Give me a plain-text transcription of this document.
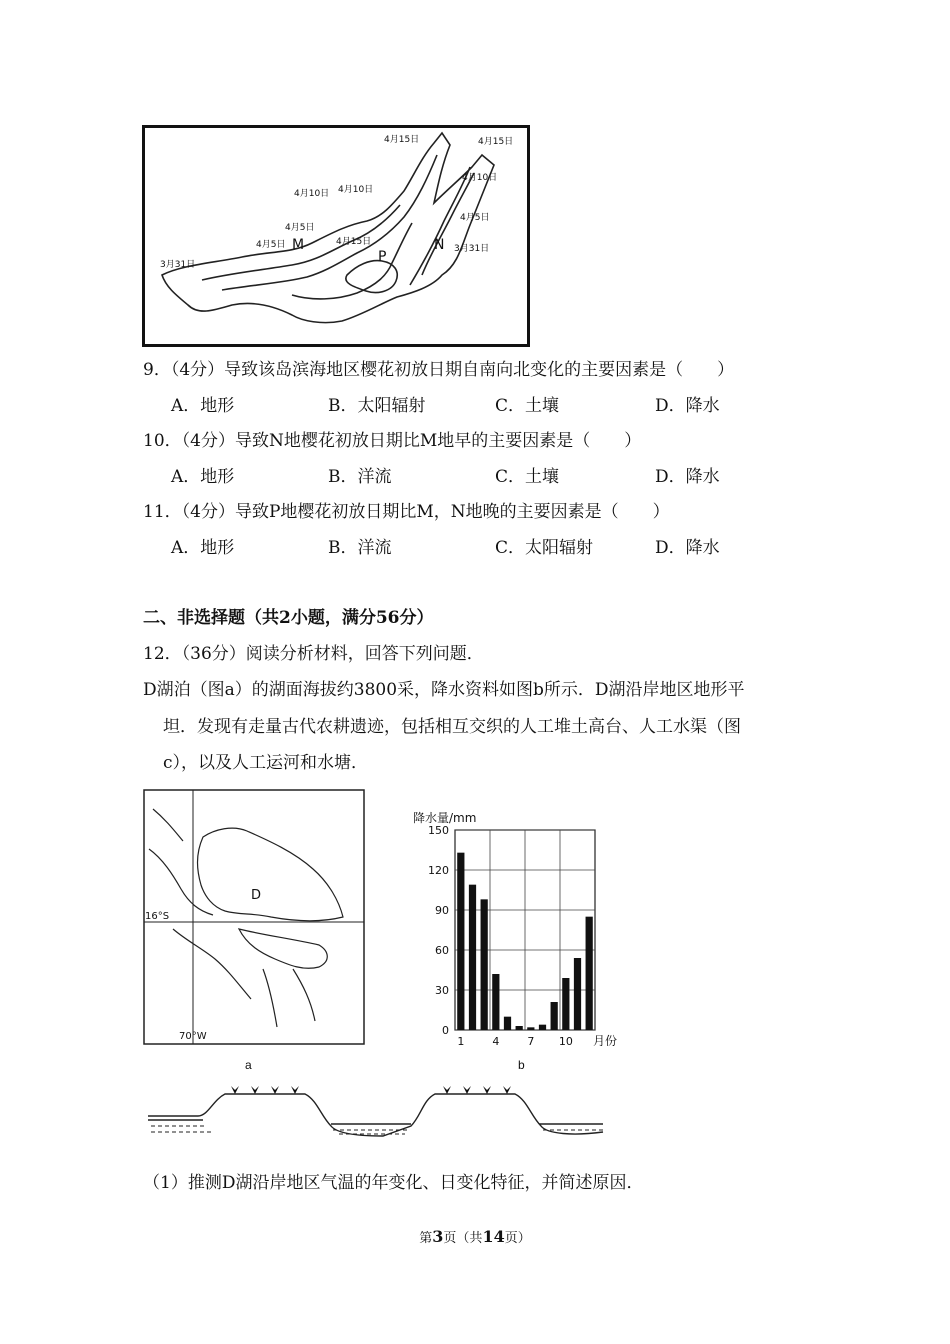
4月15日	4月15日
4月10日 4月10日
4月10日
4月5日
4月5日
4月5日
4月15日
3月31日
3月31日
M	N
P
9．（4分）导致该岛滨海地区樱花初放日期自南向北变化的主要因素是（　　）
A．地形	B．太阳辐射	C．土壤	D．降水
10．（4分）导致N地樱花初放日期比M地早的主要因素是（　　）
A．地形	B．洋流	C．土壤	D．降水
11．（4分）导致P地樱花初放日期比M，N地晚的主要因素是（　　）
A．地形	B．洋流	C．太阳辐射	D．降水
二、非选择题（共2小题，满分56分）
12．（36分）阅读分析材料，回答下列问题．
D湖泊（图a）的湖面海拔约3800采，降水资料如图b所示．D湖沿岸地区地形平
坦．发现有走量古代农耕遗迹，包括相互交织的人工堆土高台、人工水渠（图
c），以及人工运河和水塘．
D
16°S
70°W
a
降水量/mm
0
30
60
90
120
150
1	4	7 10 月份
b
（1）推测D湖沿岸地区气温的年变化、日变化特征，并简述原因．
第3页（共14页）
